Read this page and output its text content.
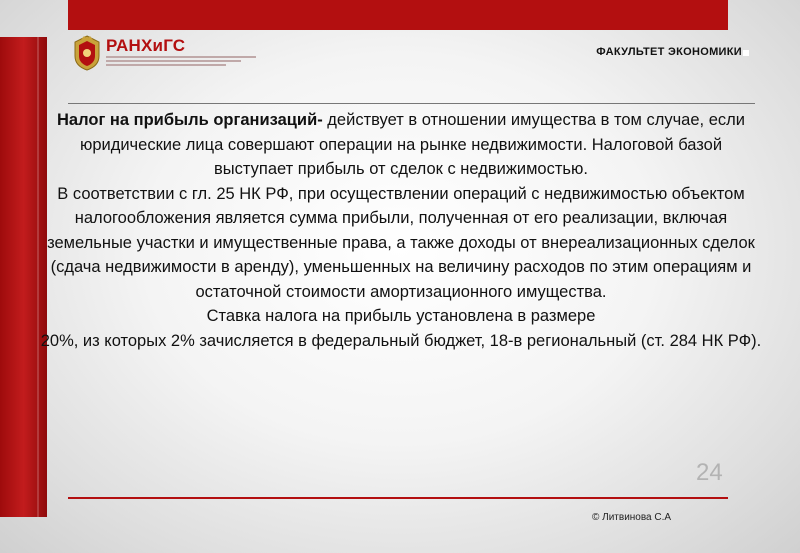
РАНХиГС	ФАКУЛЬТЕТ ЭКОНОМИКИ

Налог на прибыль организаций- действует в отношении имущества в том случае, если юридические лица совершают операции на рынке недвижимости. Налоговой базой выступает прибыль от сделок с недвижимостью.

В соответствии с гл. 25 НК РФ, при осуществлении операций с недвижимостью объектом налогообложения является сумма прибыли, полученная от его реализации, включая земельные участки и имущественные права, а также доходы от внереализационных сделок (сдача недвижимости в аренду), уменьшенных на величину расходов по этим операциям и остаточной стоимости амортизационного имущества.

Ставка налога на прибыль установлена в размере

20%, из которых 2% зачисляется в федеральный бюджет, 18-в региональный (ст. 284 НК РФ).

24
© Литвинова С.А
